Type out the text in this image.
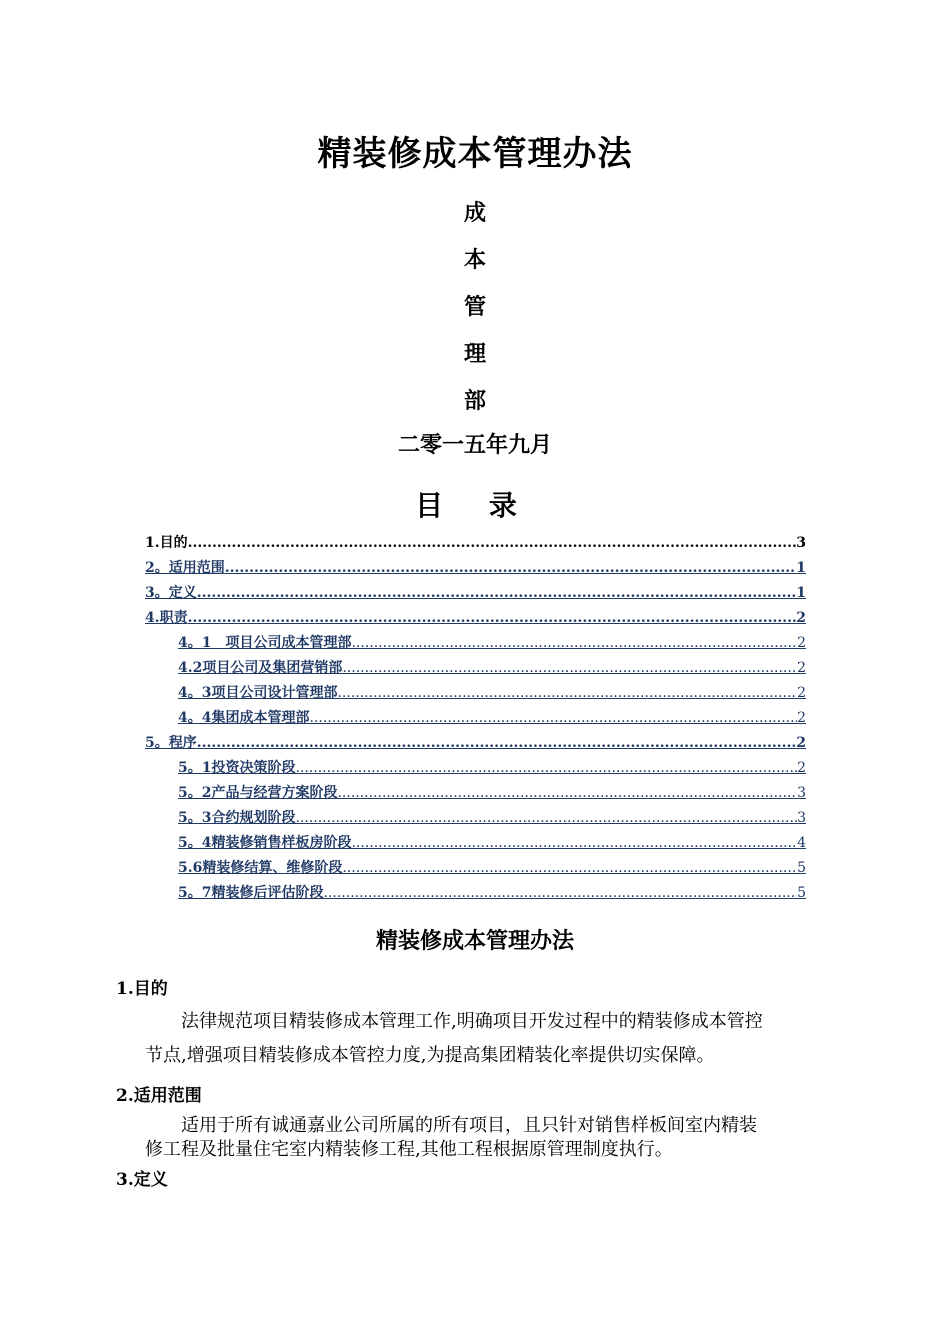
精装修成本管理办法
成
本
管
理
部
二零一五年九月
目 录
1.目的 .....	3
2。适用范围 .....	1
3。定义 .....	1
4.职责 .....	2
4。1　项目公司成本管理部 .....	2
4.2项目公司及集团营销部 .....	2
4。3项目公司设计管理部 .....	2
4。4集团成本管理部 .....	2
5。程序 .....	2
5。1投资决策阶段 .....	2
5。2产品与经营方案阶段 .....	3
5。3合约规划阶段 .....	3
5。4精装修销售样板房阶段 .....	4
5.6精装修结算、维修阶段 .....	5
5。7精装修后评估阶段 .....	5
精装修成本管理办法
1.目的
法律规范项目精装修成本管理工作,明确项目开发过程中的精装修成本管控
节点,增强项目精装修成本管控力度,为提高集团精装化率提供切实保障。
2.适用范围
适用于所有诚通嘉业公司所属的所有项目，且只针对销售样板间室内精装
修工程及批量住宅室内精装修工程,其他工程根据原管理制度执行。
3.定义
